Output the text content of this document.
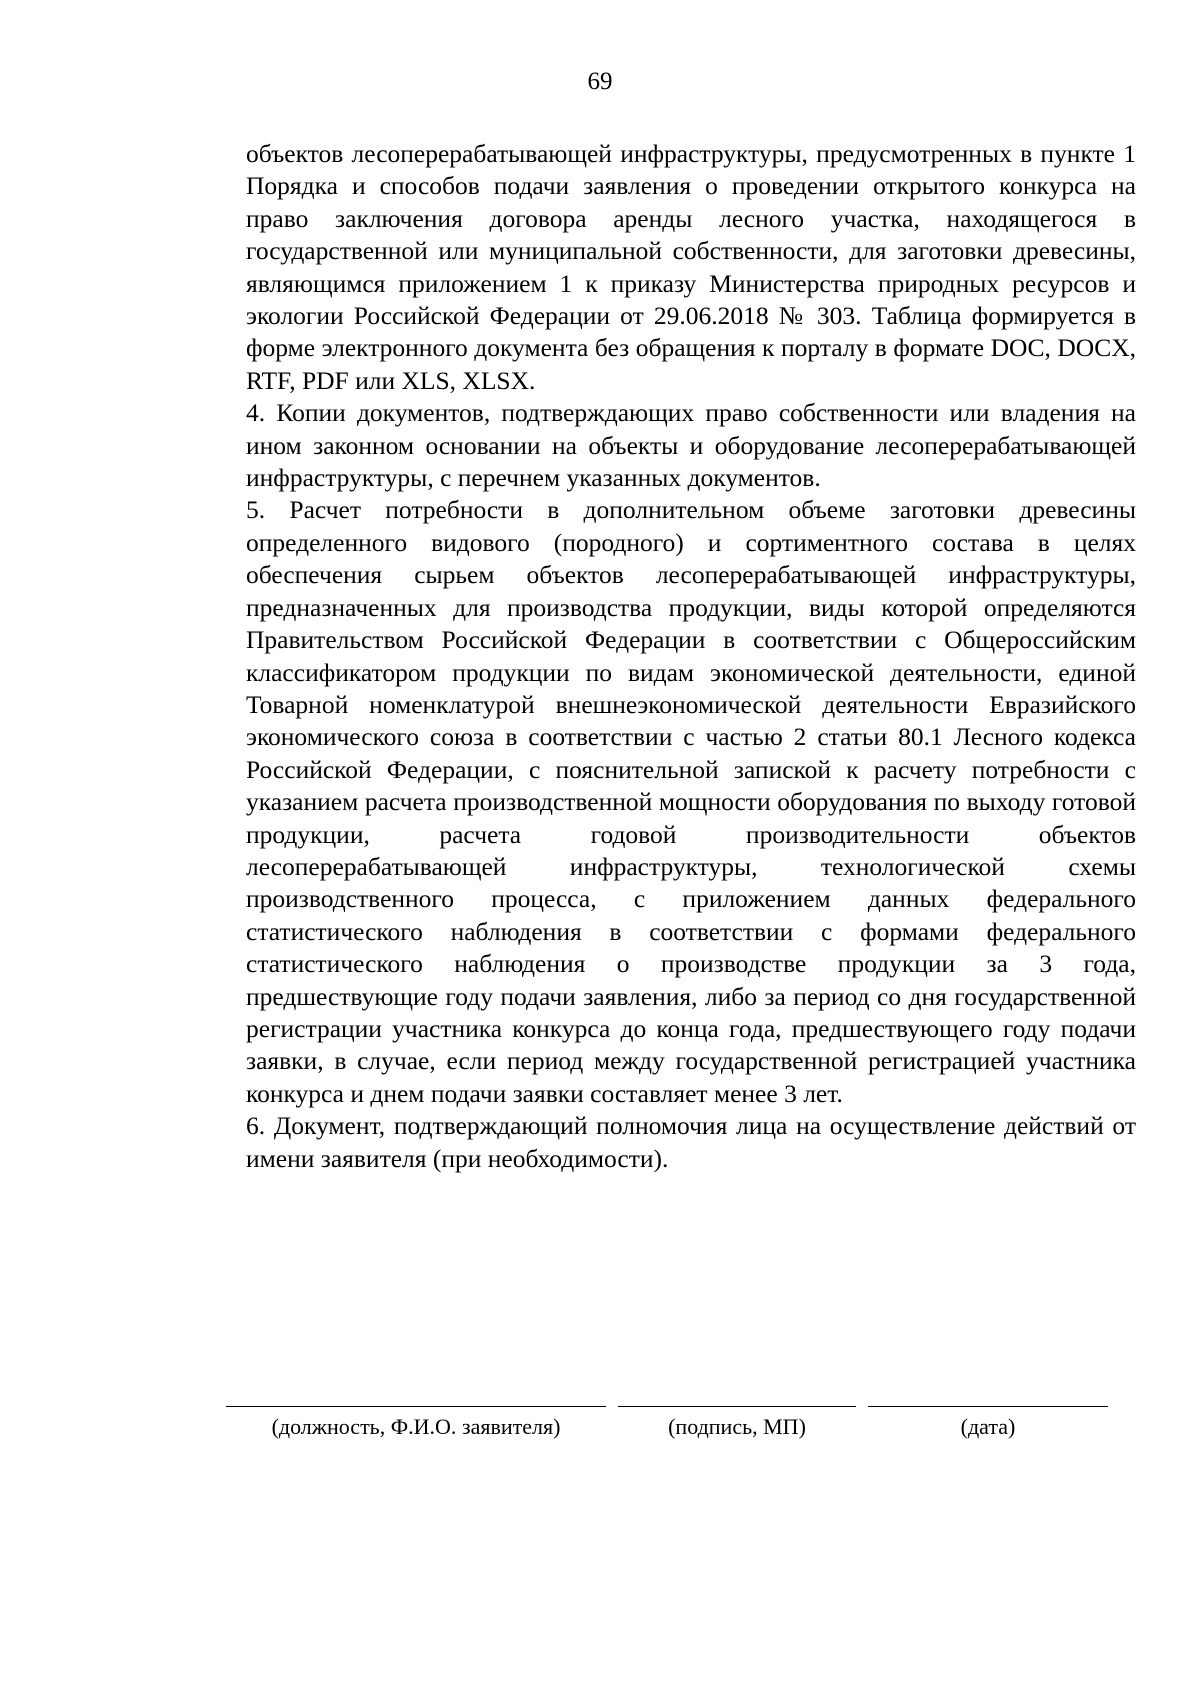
69

объектов лесоперерабатывающей инфраструктуры, предусмотренных в пункте 1 Порядка и способов подачи заявления о проведении открытого конкурса на право заключения договора аренды лесного участка, находящегося в государственной или муниципальной собственности, для заготовки древесины, являющимся приложением 1 к приказу Министерства природных ресурсов и экологии Российской Федерации от 29.06.2018 № 303. Таблица формируется в форме электронного документа без обращения к порталу в формате DOC, DOCX, RTF, PDF или XLS, XLSX.

4. Копии документов, подтверждающих право собственности или владения на ином законном основании на объекты и оборудование лесоперерабатывающей инфраструктуры, с перечнем указанных документов.

5. Расчет потребности в дополнительном объеме заготовки древесины определенного видового (породного) и сортиментного состава в целях обеспечения сырьем объектов лесоперерабатывающей инфраструктуры, предназначенных для производства продукции, виды которой определяются Правительством Российской Федерации в соответствии с Общероссийским классификатором продукции по видам экономической деятельности, единой Товарной номенклатурой внешнеэкономической деятельности Евразийского экономического союза в соответствии с частью 2 статьи 80.1 Лесного кодекса Российской Федерации, с пояснительной запиской к расчету потребности с указанием расчета производственной мощности оборудования по выходу готовой продукции, расчета годовой производительности объектов лесоперерабатывающей инфраструктуры, технологической схемы производственного процесса, с приложением данных федерального статистического наблюдения в соответствии с формами федерального статистического наблюдения о производстве продукции за 3 года, предшествующие году подачи заявления, либо за период со дня государственной регистрации участника конкурса до конца года, предшествующего году подачи заявки, в случае, если период между государственной регистрацией участника конкурса и днем подачи заявки составляет менее 3 лет.

6. Документ, подтверждающий полномочия лица на осуществление действий от имени заявителя (при необходимости).

(должность, Ф.И.О. заявителя)	(подпись, МП)	(дата)
